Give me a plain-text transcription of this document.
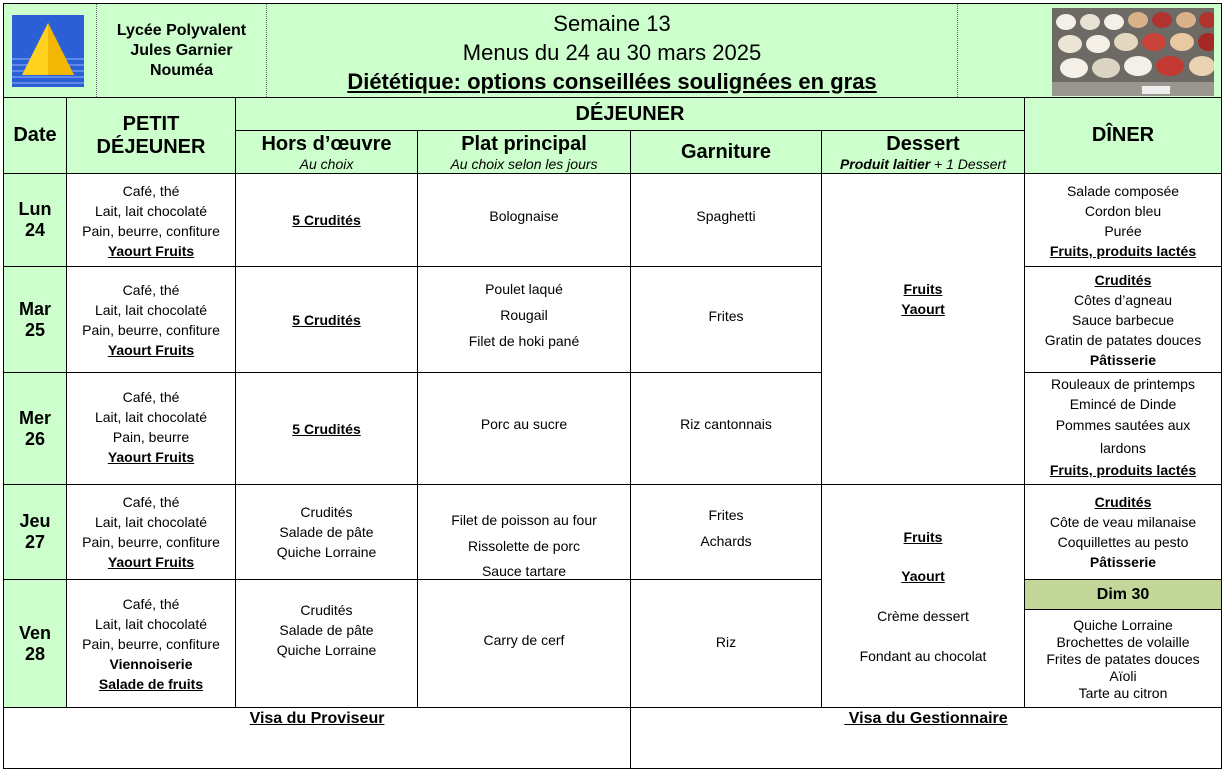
Lycée Polyvalent
Jules Garnier
Nouméa
Semaine 13
Menus du 24 au 30 mars 2025
Diététique: options conseillées soulignées en gras
Date
PETIT
DÉJEUNER
DÉJEUNER
Hors d’œuvre
Au choix
Plat principal
Au choix selon les jours
Garniture	Dessert
Produit laitier + 1 Dessert
DÎNER
Lun
24
Mar
25
Mer
26
Jeu
27
Ven
28
Café, thé
Lait, lait chocolaté
Pain, beurre, confiture
Yaourt Fruits
Café, thé
Lait, lait chocolaté
Pain, beurre, confiture
Yaourt Fruits
Café, thé
Lait, lait chocolaté
Pain, beurre
Yaourt Fruits
Café, thé
Lait, lait chocolaté
Pain, beurre, confiture
Yaourt Fruits
Café, thé
Lait, lait chocolaté
Pain, beurre, confiture
Viennoiserie
Salade de fruits
5 Crudités
5 Crudités
5 Crudités
Crudités
Salade de pâte
Quiche Lorraine
Crudités
Salade de pâte
Quiche Lorraine
Bolognaise
Poulet laqué
Rougail
Filet de hoki pané
Porc au sucre
Filet de poisson au four
Rissolette de porc
Sauce tartare
Carry de cerf
Spaghetti
Frites
Riz cantonnais
Frites
Achards
Riz
Fruits
Yaourt
Fruits
Yaourt
Crème dessert
Fondant au chocolat
Salade composée
Cordon bleu
Purée
Fruits, produits lactés
Crudités
Côtes d’agneau
Sauce barbecue
Gratin de patates douces
Pâtisserie
Rouleaux de printemps
Emincé de Dinde
Pommes sautées aux
lardons
Fruits, produits lactés
Crudités
Côte de veau milanaise
Coquillettes au pesto
Pâtisserie
Dim 30
Quiche Lorraine
Brochettes de volaille
Frites de patates douces
Aïoli
Tarte au citron
Visa du Proviseur	Visa du Gestionnaire
